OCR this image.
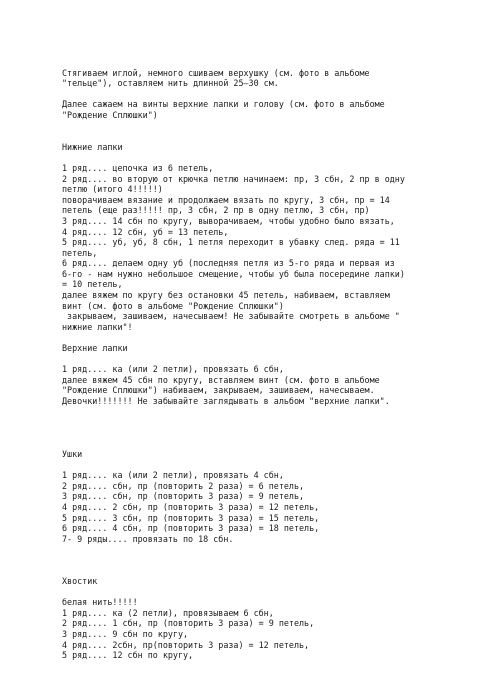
Стягиваем иглой, немного сшиваем верхушку (см. фото в альбоме
"тельце"), оставляем нить длинной 25–30 см.
Далее сажаем на винты верхние лапки и голову (см. фото в альбоме
"Рождение Сплюшки")
Нижние лапки
1 ряд.... цепочка из 6 петель,
2 ряд.... во вторую от крючка петлю начинаем: пр, 3 сбн, 2 пр в одну
петлю (итого 4!!!!!)
поворачиваем вязание и продолжаем вязать по кругу, 3 сбн, пр = 14
петель (еще раз!!!!! пр, 3 сбн, 2 пр в одну петлю, 3 сбн, пр)
3 ряд.... 14 сбн по кругу, выворачиваем, чтобы удобно было вязать,
4 ряд.... 12 сбн, уб = 13 петель,
5 ряд.... уб, уб, 8 сбн, 1 петля переходит в убавку след. ряда = 11
петель,
6 ряд.... делаем одну уб (последняя петля из 5-го ряда и первая из
6-го - нам нужно небольшое смещение, чтобы уб была посередине лапки)
= 10 петель,
далее вяжем по кругу без остановки 45 петель, набиваем, вставляем
винт (см. фото в альбоме "Рождение Сплюшки")
закрываем, зашиваем, начесываем! Не забывайте смотреть в альбоме "
нижние лапки"!
Верхние лапки
1 ряд.... ка (или 2 петли), провязать 6 сбн,
далее вяжем 45 сбн по кругу, вставляем винт (см. фото в альбоме
"Рождение Сплюшки") набиваем, закрываем, зашиваем, начесываем.
Девочки!!!!!!! Не забывайте заглядывать в альбом "верхние лапки".
Ушки
1 ряд.... ка (или 2 петли), провязать 4 сбн,
2 ряд.... сбн, пр (повторить 2 раза) = 6 петель,
3 ряд.... сбн, пр (повторить 3 раза) = 9 петель,
4 ряд.... 2 сбн, пр (повторить 3 раза) = 12 петель,
5 ряд.... 3 сбн, пр (повторить 3 раза) = 15 петель,
6 ряд.... 4 сбн, пр (повторить 3 раза) = 18 петель,
7- 9 ряды.... провязать по 18 сбн.
Хвостик
белая нить!!!!!
1 ряд.... ка (2 петли), провязываем 6 сбн,
2 ряд.... 1 сбн, пр (повторить 3 раза) = 9 петель,
3 ряд.... 9 сбн по кругу,
4 ряд.... 2сбн, пр(повторить 3 раза) = 12 петель,
5 ряд.... 12 сбн по кругу,
